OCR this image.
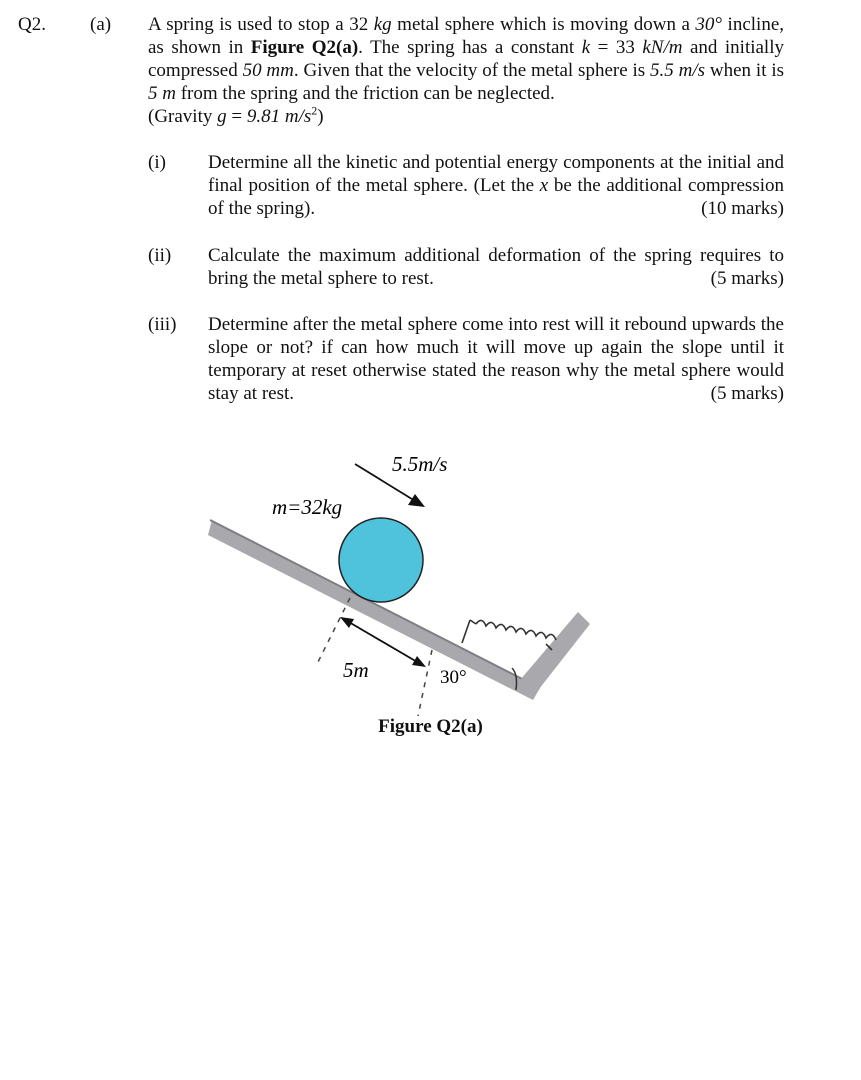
Q2. (a) A spring is used to stop a 32 kg metal sphere which is moving down a 30° incline, as shown in Figure Q2(a). The spring has a constant k = 33 kN/m and initially compressed 50 mm. Given that the velocity of the metal sphere is 5.5 m/s when it is 5 m from the spring and the friction can be neglected.

(Gravity g = 9.81 $m/s^2$)

(i) Determine all the kinetic and potential energy components at the initial and final position of the metal sphere. (Let the x be the additional compression of the spring).	(10 marks)
(ii) Calculate the maximum additional deformation of the spring requires to bring the metal sphere to rest.	(5 marks)
(iii) Determine after the metal sphere come into rest will it rebound upwards the slope or not? if can how much it will move up again the slope until it temporary at reset otherwise stated the reason why the metal sphere would stay at rest.	(5 marks)
5.5m/s
m=32kg
5m	30°
Figure Q2(a)
